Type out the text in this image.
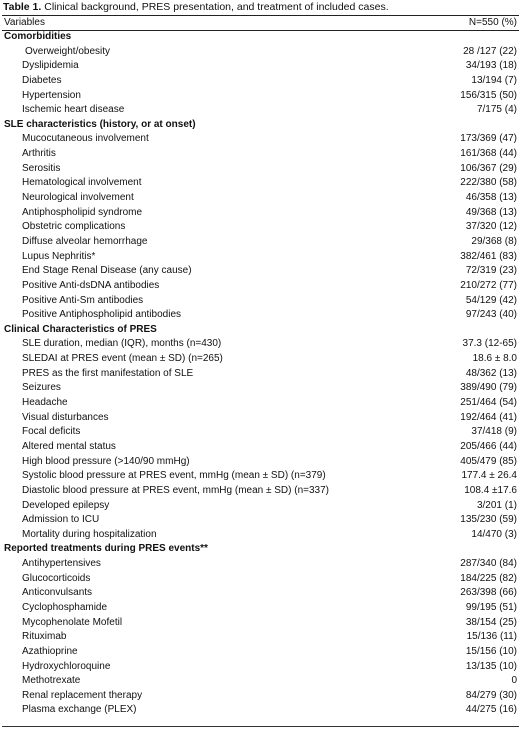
Table 1. Clinical background, PRES presentation, and treatment of included cases.
Variables	N=550 (%)
Comorbidities
Overweight/obesity	28 /127 (22)
Dyslipidemia	34/193 (18)
Diabetes	13/194 (7)
Hypertension	156/315 (50)
Ischemic heart disease	7/175 (4)
SLE characteristics (history, or at onset)
Mucocutaneous involvement	173/369 (47)
Arthritis	161/368 (44)
Serositis	106/367 (29)
Hematological involvement	222/380 (58)
Neurological involvement	46/358 (13)
Antiphospholipid syndrome	49/368 (13)
Obstetric complications	37/320 (12)
Diffuse alveolar hemorrhage	29/368 (8)
Lupus Nephritis*	382/461 (83)
End Stage Renal Disease (any cause)	72/319 (23)
Positive Anti-dsDNA antibodies	210/272 (77)
Positive Anti-Sm antibodies	54/129 (42)
Positive Antiphospholipid antibodies	97/243 (40)
Clinical Characteristics of PRES
SLE duration, median (IQR), months (n=430)	37.3 (12-65)
SLEDAI at PRES event (mean ± SD) (n=265)	18.6 ± 8.0
PRES as the first manifestation of SLE	48/362 (13)
Seizures	389/490 (79)
Headache	251/464 (54)
Visual disturbances	192/464 (41)
Focal deficits	37/418 (9)
Altered mental status	205/466 (44)
High blood pressure (>140/90 mmHg)	405/479 (85)
Systolic blood pressure at PRES event, mmHg (mean ± SD) (n=379)	177.4 ± 26.4
Diastolic blood pressure at PRES event, mmHg (mean ± SD) (n=337)	108.4 ±17.6
Developed epilepsy	3/201 (1)
Admission to ICU	135/230 (59)
Mortality during hospitalization	14/470 (3)
Reported treatments during PRES events**
Antihypertensives	287/340 (84)
Glucocorticoids	184/225 (82)
Anticonvulsants	263/398 (66)
Cyclophosphamide	99/195 (51)
Mycophenolate Mofetil	38/154 (25)
Rituximab	15/136 (11)
Azathioprine	15/156 (10)
Hydroxychloroquine	13/135 (10)
Methotrexate	0
Renal replacement therapy	84/279 (30)
Plasma exchange (PLEX)	44/275 (16)
